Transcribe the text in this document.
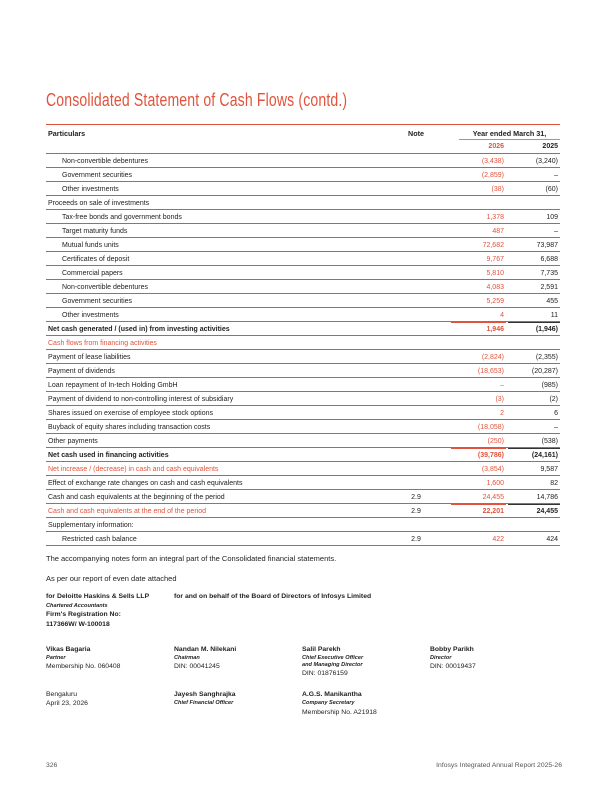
Consolidated Statement of Cash Flows (contd.)
Particulars	Note	Year ended March 31,
2026	2025
Non-convertible debentures	(3,438)	(3,240)
Government securities	(2,859)	–
Other investments	(38)	(60)
Proceeds on sale of investments
Tax-free bonds and government bonds	1,378	109
Target maturity funds	487	–
Mutual funds units	72,682	73,987
Certificates of deposit	9,767	6,688
Commercial papers	5,810	7,735
Non-convertible debentures	4,083	2,591
Government securities	5,259	455
Other investments	4	11
Net cash generated / (used in) from investing activities	1,946	(1,946)
Cash flows from financing activities
Payment of lease liabilities	(2,824)	(2,355)
Payment of dividends	(18,653)	(20,287)
Loan repayment of In-tech Holding GmbH	–	(985)
Payment of dividend to non-controlling interest of subsidiary	(3)	(2)
Shares issued on exercise of employee stock options	2	6
Buyback of equity shares including transaction costs	(18,058)	–
Other payments	(250)	(538)
Net cash used in financing activities	(39,786)	(24,161)
Net increase / (decrease) in cash and cash equivalents	(3,854)	9,587
Effect of exchange rate changes on cash and cash equivalents	1,600	82
Cash and cash equivalents at the beginning of the period	2.9	24,455	14,786
Cash and cash equivalents at the end of the period	2.9	22,201	24,455
Supplementary information:
Restricted cash balance	2.9	422	424
The accompanying notes form an integral part of the Consolidated financial statements.
As per our report of even date attached
for Deloitte Haskins & Sells LLP
Chartered Accountants
Firm's Registration No:
117366W/ W-100018
for and on behalf of the Board of Directors of Infosys Limited
Vikas Bagaria
Partner
Membership No. 060408
Nandan M. Nilekani
Chairman
DIN: 00041245
Salil Parekh
Chief Executive Officer
and Managing Director
DIN: 01876159
Bobby Parikh
Director
DIN: 00019437
Bengaluru
April 23, 2026
Jayesh Sanghrajka
Chief Financial Officer
A.G.S. Manikantha
Company Secretary
Membership No. A21918
326	Infosys Integrated Annual Report 2025-26
